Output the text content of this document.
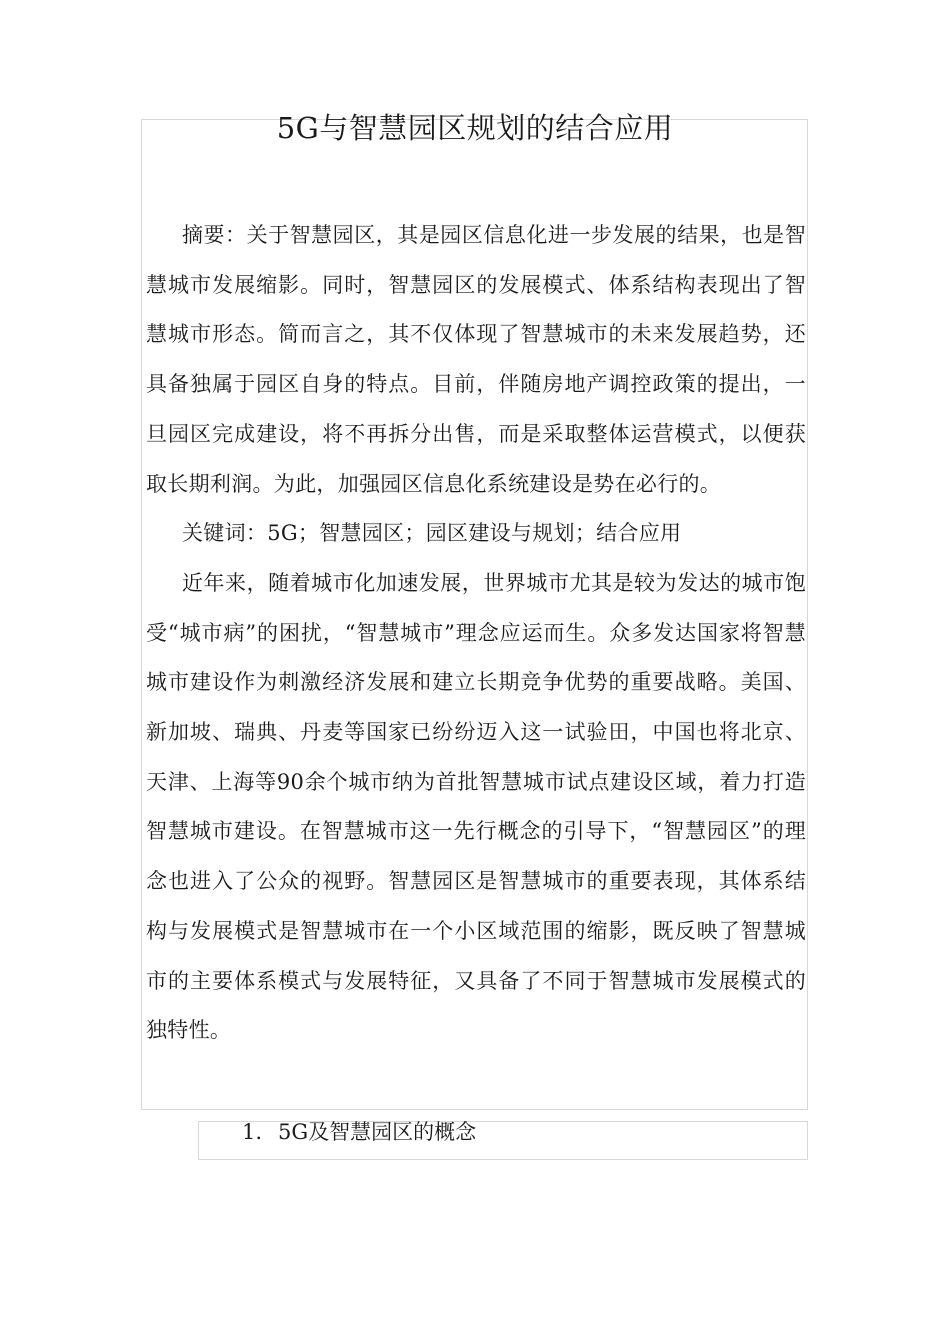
5G与智慧园区规划的结合应用

摘要：关于智慧园区，其是园区信息化进一步发展的结果，也是智慧城市发展缩影。同时，智慧园区的发展模式、体系结构表现出了智慧城市形态。简而言之，其不仅体现了智慧城市的未来发展趋势，还具备独属于园区自身的特点。目前，伴随房地产调控政策的提出，一旦园区完成建设，将不再拆分出售，而是采取整体运营模式，以便获取长期利润。为此，加强园区信息化系统建设是势在必行的。

关键词：5G；智慧园区；园区建设与规划；结合应用

近年来，随着城市化加速发展，世界城市尤其是较为发达的城市饱受“城市病”的困扰，“智慧城市”理念应运而生。众多发达国家将智慧城市建设作为刺激经济发展和建立长期竞争优势的重要战略。美国、新加坡、瑞典、丹麦等国家已纷纷迈入这一试验田，中国也将北京、天津、上海等90余个城市纳为首批智慧城市试点建设区域，着力打造智慧城市建设。在智慧城市这一先行概念的引导下，“智慧园区”的理念也进入了公众的视野。智慧园区是智慧城市的重要表现，其体系结构与发展模式是智慧城市在一个小区域范围的缩影，既反映了智慧城市的主要体系模式与发展特征，又具备了不同于智慧城市发展模式的独特性。

1. 5G及智慧园区的概念
